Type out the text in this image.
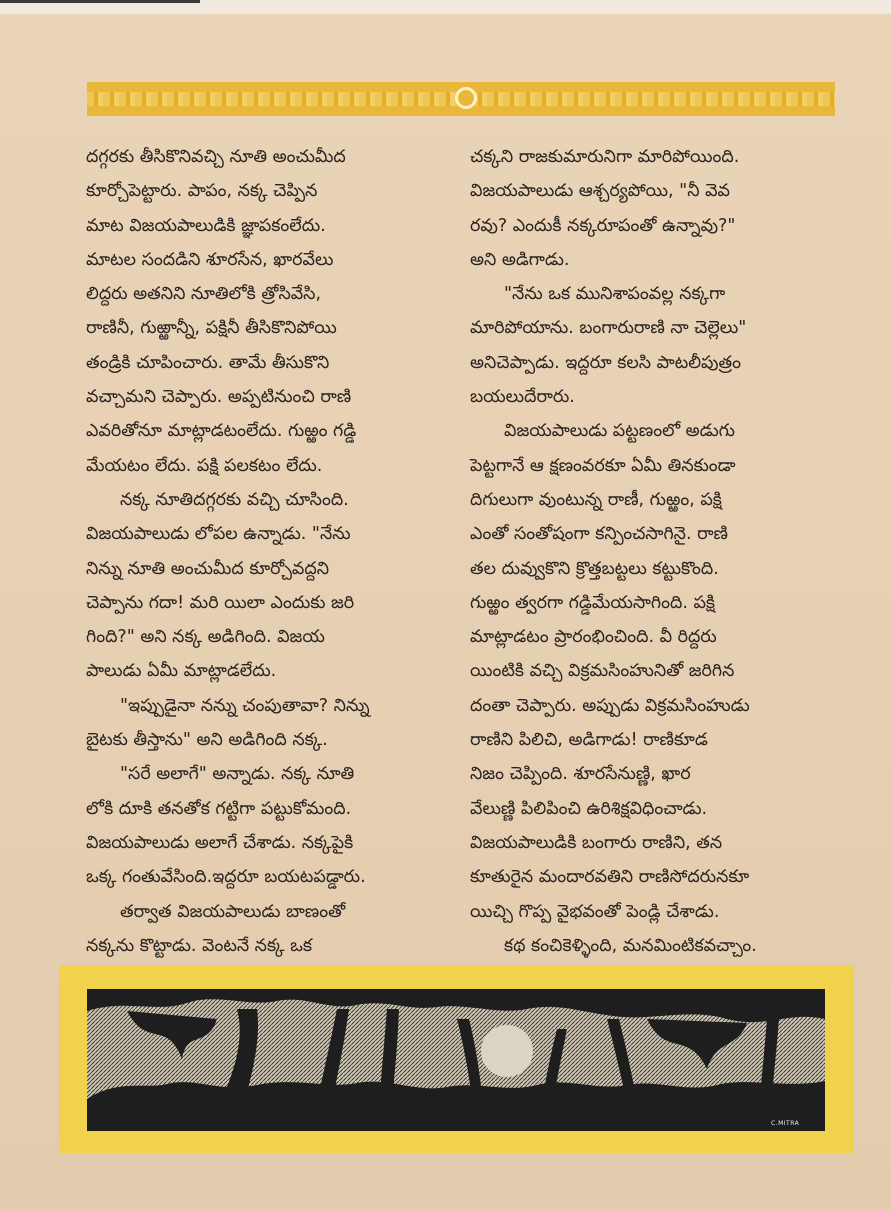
దగ్గరకు తీసికొనివచ్చి నూతి అంచుమీద
కూర్చోపెట్టారు. పాపం, నక్క చెప్పిన
మాట విజయపాలుడికి జ్ఞాపకంలేదు.
మాటల సందడిని శూరసేన, ఖారవేలు
లిద్దరు అతనిని నూతిలోకి త్రోసివేసి,
రాణినీ, గుఱ్ఱాన్నీ, పక్షినీ తీసికొనిపోయి
తండ్రికి చూపించారు. తామే తీసుకొని
వచ్చామని చెప్పారు. అప్పటినుంచి రాణి
ఎవరితోనూ మాట్లాడటంలేదు. గుఱ్ఱం గడ్డి
మేయటం లేదు. పక్షి పలకటం లేదు.

నక్క నూతిదగ్గరకు వచ్చి చూసింది.
విజయపాలుడు లోపల ఉన్నాడు. "నేను
నిన్ను నూతి అంచుమీద కూర్చోవద్దని
చెప్పాను గదా! మరి యిలా ఎందుకు జరి
గింది?" అని నక్క అడిగింది. విజయ
పాలుడు ఏమీ మాట్లాడలేదు.

"ఇప్పుడైనా నన్ను చంపుతావా? నిన్ను
బైటకు తీస్తాను" అని అడిగింది నక్క.

"సరే అలాగే" అన్నాడు. నక్క నూతి
లోకి దూకి తనతోక గట్టిగా పట్టుకోమంది.
విజయపాలుడు అలాగే చేశాడు. నక్కపైకి
ఒక్క గంతువేసింది.ఇద్దరూ బయటపడ్డారు.

తర్వాత విజయపాలుడు బాణంతో
నక్కను కొట్టాడు. వెంటనే నక్క ఒక

చక్కని రాజకుమారునిగా మారిపోయింది.
విజయపాలుడు ఆశ్చర్యపోయి, "నీ వెవ
రవు? ఎందుకీ నక్కరూపంతో ఉన్నావు?"
అని అడిగాడు.

"నేను ఒక మునిశాపంవల్ల నక్కగా
మారిపోయాను. బంగారురాణి నా చెల్లెలు"
అనిచెప్పాడు. ఇద్దరూ కలసి పాటలీపుత్రం
బయలుదేరారు.

విజయపాలుడు పట్టణంలో అడుగు
పెట్టగానే ఆ క్షణంవరకూ ఏమీ తినకుండా
దిగులుగా వుంటున్న రాణీ, గుఱ్ఱం, పక్షి
ఎంతో సంతోషంగా కన్పించసాగినై. రాణి
తల దువ్వుకొని క్రొత్తబట్టలు కట్టుకొంది.
గుఱ్ఱం త్వరగా గడ్డిమేయసాగింది. పక్షి
మాట్లాడటం ప్రారంభించింది. వీ రిద్దరు
యింటికి వచ్చి విక్రమసింహునితో జరిగిన
దంతా చెప్పారు. అప్పుడు విక్రమసింహుడు
రాణిని పిలిచి, అడిగాడు! రాణికూడ
నిజం చెప్పింది. శూరసేనుణ్ణి, ఖార
వేలుణ్ణి పిలిపించి ఉరిశిక్షవిధించాడు.
విజయపాలుడికి బంగారు రాణిని, తన
కూతురైన మందారవతిని రాణిసోదరునకూ
యిచ్చి గొప్ప వైభవంతో పెండ్లి చేశాడు.

కథ కంచికెళ్ళింది, మనమింటికవచ్చాం.

C.MITRA
